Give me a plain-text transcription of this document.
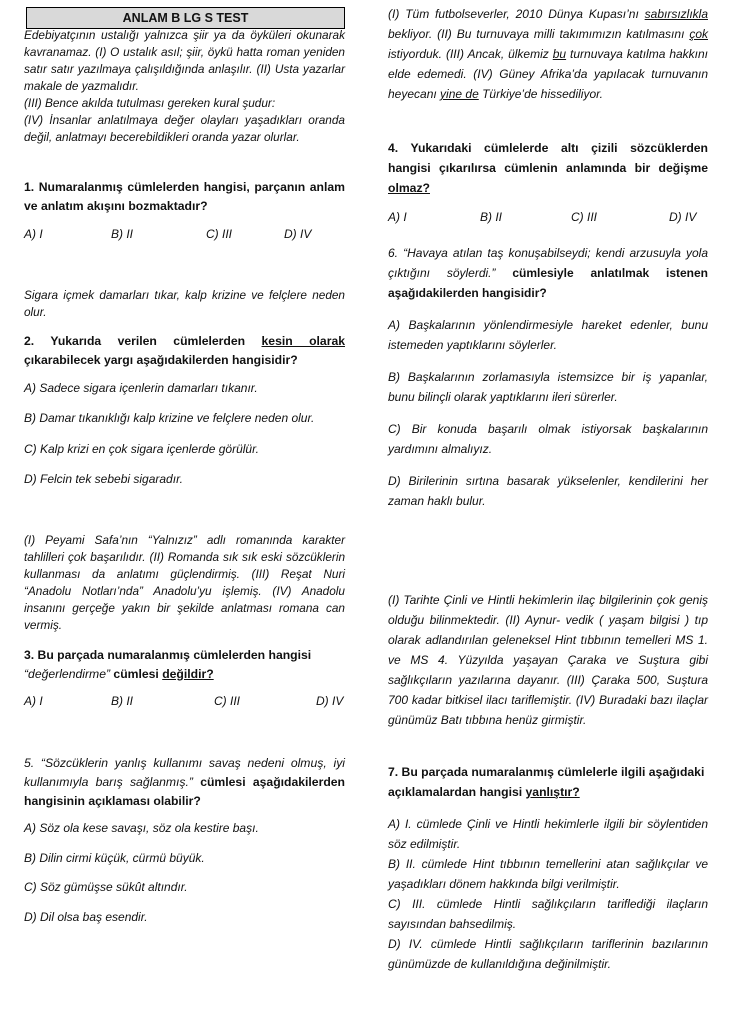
ANLAM B LG S TEST
Edebiyatçının ustalığı yalnızca şiir ya da öyküleri okunarak kavranamaz. (I) O ustalık asıl; şiir, öykü hatta roman yeniden satır satır yazılmaya çalışıldığında anlaşılır. (II) Usta yazarlar makale de yazmalıdır.
(III) Bence akılda tutulması gereken kural şudur:
(IV) İnsanlar anlatılmaya değer olayları yaşadıkları oranda değil, anlatmayı becerebildikleri oranda yazar olurlar.
1. Numaralanmış cümlelerden hangisi, parçanın anlam ve anlatım akışını bozmaktadır?
A) I	B) II	C) III	D) IV
Sigara içmek damarları tıkar, kalp krizine ve felçlere neden olur.
2. Yukarıda verilen cümlelerden kesin olarak çıkarabilecek yargı aşağıdakilerden hangisidir?
A) Sadece sigara içenlerin damarları tıkanır.
B) Damar tıkanıklığı kalp krizine ve felçlere neden olur.
C) Kalp krizi en çok sigara içenlerde görülür.
D) Felcin tek sebebi sigaradır.
(I) Peyami Safa’nın “Yalnızız” adlı romanında karakter tahlilleri çok başarılıdır. (II) Romanda sık sık eski sözcüklerin kullanması da anlatımı güçlendirmiş. (III) Reşat Nuri “Anadolu Notları’nda” Anadolu’yu işlemiş. (IV) Anadolu insanını gerçeğe yakın bir şekilde anlatması romana can vermiş.
3. Bu parçada numaralanmış cümlelerden hangisi
“değerlendirme” cümlesi değildir?
A) I	B) II	C) III	D) IV
5. “Sözcüklerin yanlış kullanımı savaş nedeni olmuş, iyi kullanımıyla barış sağlanmış.” cümlesi aşağıdakilerden hangisinin açıklaması olabilir?
A) Söz ola kese savaşı, söz ola kestire başı.
B) Dilin cirmi küçük, cürmü büyük.
C) Söz gümüşse sükût altındır.
D) Dil olsa baş esendir.
(I) Tüm futbolseverler, 2010 Dünya Kupası’nı sabırsızlıkla bekliyor. (II) Bu turnuvaya milli takımımızın katılmasını çok istiyorduk. (III) Ancak, ülkemiz bu turnuvaya katılma hakkını elde edemedi. (IV) Güney Afrika’da yapılacak turnuvanın heyecanı yine de Türkiye’de hissediliyor.
4. Yukarıdaki cümlelerde altı çizili sözcüklerden hangisi çıkarılırsa cümlenin anlamında bir değişme olmaz?
A) I	B) II	C) III	D) IV
6. “Havaya atılan taş konuşabilseydi; kendi arzusuyla yola çıktığını söylerdi.” cümlesiyle anlatılmak istenen aşağıdakilerden hangisidir?
A) Başkalarının yönlendirmesiyle hareket edenler, bunu istemeden yaptıklarını söylerler.
B) Başkalarının zorlamasıyla istemsizce bir iş yapanlar, bunu bilinçli olarak yaptıklarını ileri sürerler.
C) Bir konuda başarılı olmak istiyorsak başkalarının yardımını almalıyız.
D) Birilerinin sırtına basarak yükselenler, kendilerini her zaman haklı bulur.
(I) Tarihte Çinli ve Hintli hekimlerin ilaç bilgilerinin çok geniş olduğu bilinmektedir. (II) Aynur- vedik ( yaşam bilgisi ) tıp olarak adlandırılan geleneksel Hint tıbbının temelleri MS 1. ve MS 4. Yüzyılda yaşayan Çaraka ve Suştura gibi sağlıkçıların yazılarına dayanır. (III) Çaraka 500, Suştura 700 kadar bitkisel ilacı tariflemiştir. (IV) Buradaki bazı ilaçlar günümüz Batı tıbbına henüz girmiştir.
7. Bu parçada numaralanmış cümlelerle ilgili aşağıdaki açıklamalardan hangisi yanlıştır?
A) I. cümlede Çinli ve Hintli hekimlerle ilgili bir söylentiden söz edilmiştir.
B) II. cümlede Hint tıbbının temellerini atan sağlıkçılar ve yaşadıkları dönem hakkında bilgi verilmiştir.
C) III. cümlede Hintli sağlıkçıların tariflediği ilaçların sayısından bahsedilmiş.
D) IV. cümlede Hintli sağlıkçıların tariflerinin bazılarının günümüzde de kullanıldığına değinilmiştir.
